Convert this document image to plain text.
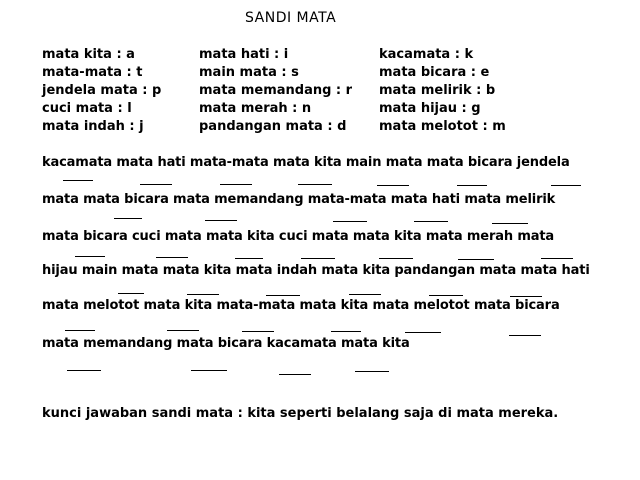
SANDI MATA
mata kita : a
mata-mata : t
jendela mata : p
cuci mata : l
mata indah : j
mata hati : i
main mata : s
mata memandang : r
mata merah : n
pandangan mata : d
kacamata : k
mata bicara : e
mata melirik : b
mata hijau : g
mata melotot : m
kacamata mata hati mata-mata mata kita main mata mata bicara jendela
mata mata bicara mata memandang mata-mata mata hati mata melirik
mata bicara cuci mata mata kita cuci mata mata kita mata merah mata
hijau main mata mata kita mata indah mata kita pandangan mata mata hati
mata melotot mata kita mata-mata mata kita mata melotot mata bicara
mata memandang mata bicara kacamata mata kita
kunci jawaban sandi mata : kita seperti belalang saja di mata mereka.
